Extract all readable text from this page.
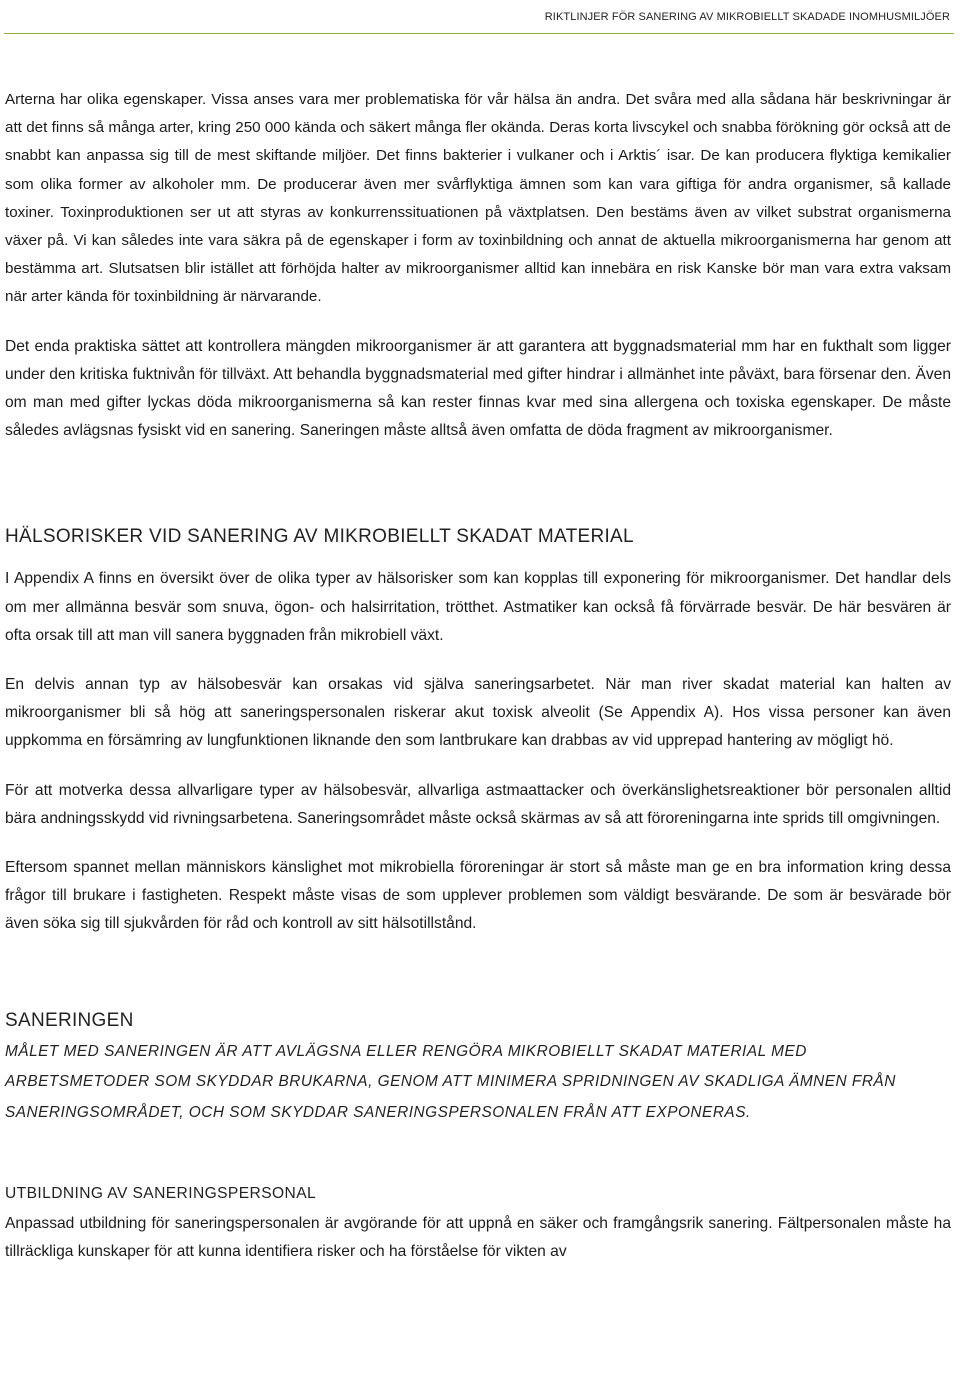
RIKTLINJER FÖR SANERING AV MIKROBIELLT SKADADE INOMHUSMILJÖER

Arterna har olika egenskaper. Vissa anses vara mer problematiska för vår hälsa än andra. Det svåra med alla sådana här beskrivningar är att det finns så många arter, kring 250 000 kända och säkert många fler okända. Deras korta livscykel och snabba förökning gör också att de snabbt kan anpassa sig till de mest skiftande miljöer. Det finns bakterier i vulkaner och i Arktis´ isar. De kan producera flyktiga kemikalier som olika former av alkoholer mm. De producerar även mer svårflyktiga ämnen som kan vara giftiga för andra organismer, så kallade toxiner. Toxinproduktionen ser ut att styras av konkurrenssituationen på växtplatsen. Den bestäms även av vilket substrat organismerna växer på. Vi kan således inte vara säkra på de egenskaper i form av toxinbildning och annat de aktuella mikroorganismerna har genom att bestämma art. Slutsatsen blir istället att förhöjda halter av mikroorganismer alltid kan innebära en risk Kanske bör man vara extra vaksam när arter kända för toxinbildning är närvarande.

Det enda praktiska sättet att kontrollera mängden mikroorganismer är att garantera att byggnadsmaterial mm har en fukthalt som ligger under den kritiska fuktnivån för tillväxt. Att behandla byggnadsmaterial med gifter hindrar i allmänhet inte påväxt, bara försenar den. Även om man med gifter lyckas döda mikroorganismerna så kan rester finnas kvar med sina allergena och toxiska egenskaper. De måste således avlägsnas fysiskt vid en sanering. Saneringen måste alltså även omfatta de döda fragment av mikroorganismer.

HÄLSORISKER VID SANERING AV MIKROBIELLT SKADAT MATERIAL

I Appendix A finns en översikt över de olika typer av hälsorisker som kan kopplas till exponering för mikroorganismer. Det handlar dels om mer allmänna besvär som snuva, ögon- och halsirritation, trötthet. Astmatiker kan också få förvärrade besvär. De här besvären är ofta orsak till att man vill sanera byggnaden från mikrobiell växt.

En delvis annan typ av hälsobesvär kan orsakas vid själva saneringsarbetet. När man river skadat material kan halten av mikroorganismer bli så hög att saneringspersonalen riskerar akut toxisk alveolit (Se Appendix A). Hos vissa personer kan även uppkomma en försämring av lungfunktionen liknande den som lantbrukare kan drabbas av vid upprepad hantering av mögligt hö.

För att motverka dessa allvarligare typer av hälsobesvär, allvarliga astmaattacker och överkänslighetsreaktioner bör personalen alltid bära andningsskydd vid rivningsarbetena. Saneringsområdet måste också skärmas av så att föroreningarna inte sprids till omgivningen.

Eftersom spannet mellan människors känslighet mot mikrobiella föroreningar är stort så måste man ge en bra information kring dessa frågor till brukare i fastigheten. Respekt måste visas de som upplever problemen som väldigt besvärande. De som är besvärade bör även söka sig till sjukvården för råd och kontroll av sitt hälsotillstånd.

SANERINGEN
MÅLET MED SANERINGEN ÄR ATT AVLÄGSNA ELLER RENGÖRA MIKROBIELLT SKADAT MATERIAL MED
ARBETSMETODER SOM SKYDDAR BRUKARNA, GENOM ATT MINIMERA SPRIDNINGEN AV SKADLIGA ÄMNEN FRÅN
SANERINGSOMRÅDET, OCH SOM SKYDDAR SANERINGSPERSONALEN FRÅN ATT EXPONERAS.
UTBILDNING AV SANERINGSPERSONAL

Anpassad utbildning för saneringspersonalen är avgörande för att uppnå en säker och framgångsrik sanering. Fältpersonalen måste ha tillräckliga kunskaper för att kunna identifiera risker och ha förståelse för vikten av
